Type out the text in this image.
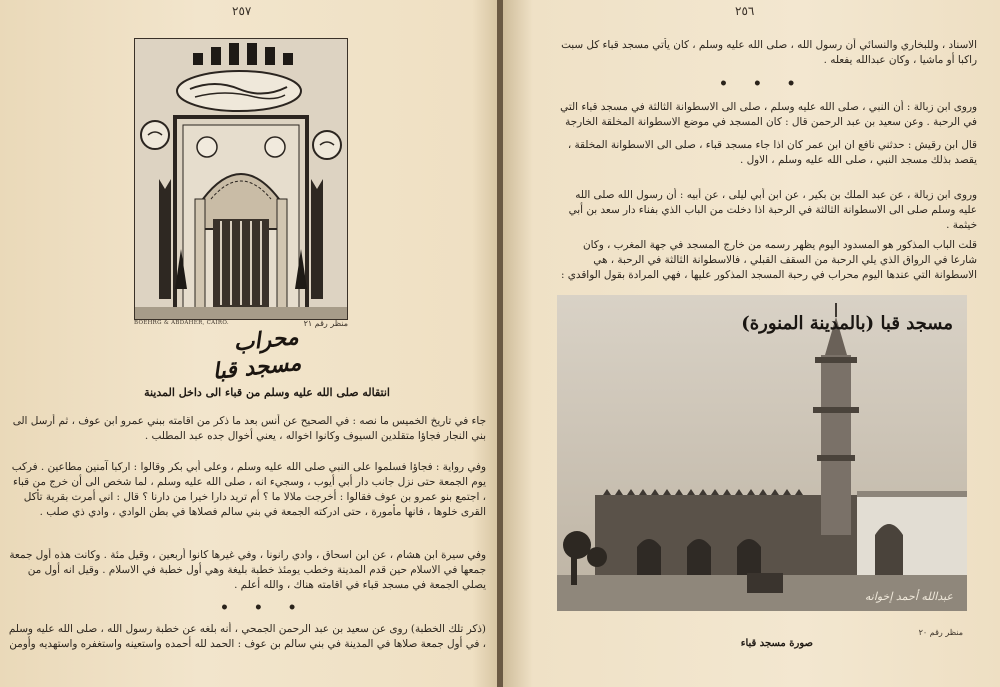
٢٥٧
BOEHRG & ABDAHER, CAIRO.	منظر رقم ٢١
محراب مسجد قبا
انتقاله صلى الله عليه وسلم من قباء الى داخل المدينة
جاء في تاريخ الخميس ما نصه : في الصحيح عن أنس بعد ما ذكر من اقامته ببني عمرو ابن عوف ، ثم أرسل الى بني النجار فجاؤا متقلدين السيوف وكانوا اخواله ، يعني أخوال جده عبد المطلب .
وفي رواية : فجاؤا فسلموا على النبي صلى الله عليه وسلم ، وعلى أبي بكر وقالوا : اركبا آمنين مطاعين . فركب يوم الجمعة حتى نزل جانب دار أبي أيوب ، وسجيء انه ، صلى الله عليه وسلم ، لما شخص الى أن خرج من قباء ، اجتمع بنو عمرو بن عوف فقالوا : أخرجت ملالا ما ؟ أم تريد دارا خيرا من دارنا ؟ قال : اني أمرت بقرية تأكل القرى خلوها ، فانها مأمورة ، حتى ادركته الجمعة في بني سالم فصلاها في بطن الوادي ، وادي ذي صلب .
وفي سيرة ابن هشام ، عن ابن اسحاق ، وادي رانونا ، وفي غيرها كانوا أربعين ، وقيل مئة . وكانت هذه أول جمعة جمعها في الاسلام حين قدم المدينة وخطب يومئذ خطبة بليغة وهي أول خطبة في الاسلام . وقيل انه أول من يصلي الجمعة في مسجد قباء في اقامته هناك ، والله أعلم .
• • •
(ذكر تلك الخطبة) روى عن سعيد بن عبد الرحمن الجمحي ، أنه بلغه عن خطبة رسول الله ، صلى الله عليه وسلم ، في أول جمعة صلاها في المدينة في بني سالم بن عوف : الحمد لله أحمده واستعينه واستغفره واستهديه وأومن
٢٥٦
الاسناد ، وللبخاري والنسائي أن رسول الله ، صلى الله عليه وسلم ، كان يأتي مسجد قباء كل سبت راكبا أو ماشيا ، وكان عبدالله يفعله .
• • •
وروى ابن زبالة : أن النبي ، صلى الله عليه وسلم ، صلى الى الاسطوانة الثالثة في مسجد قباء التي في الرحبة . وعن سعيد بن عبد الرحمن قال : كان المسجد في موضع الاسطوانة المخلقة الخارجة
قال ابن رقيش : حدثني نافع ان ابن عمر كان اذا جاء مسجد قباء ، صلى الى الاسطوانة المخلقة ، يقصد بذلك مسجد النبي ، صلى الله عليه وسلم ، الاول .
وروى ابن زبالة ، عن عبد الملك بن بكير ، عن ابن أبي ليلى ، عن أبيه : أن رسول الله صلى الله عليه وسلم صلى الى الاسطوانة الثالثة في الرحبة اذا دخلت من الباب الذي بفناء دار سعد بن أبي خيثمة .
قلت الباب المذكور هو المسدود اليوم يظهر رسمه من خارج المسجد في جهة المغرب ، وكان شارعا في الرواق الذي يلي الرحبة من السقف القبلي ، فالاسطوانة الثالثة في الرحبة ، هي الاسطوانة التي عندها اليوم محراب في رحبة المسجد المذكور عليها ، فهي المرادة بقول الواقدي :
مسجد قبا (بالمدينة المنورة)
عبدالله أحمد إخوانه
منظر رقم ٢٠
صورة مسجد قباء
